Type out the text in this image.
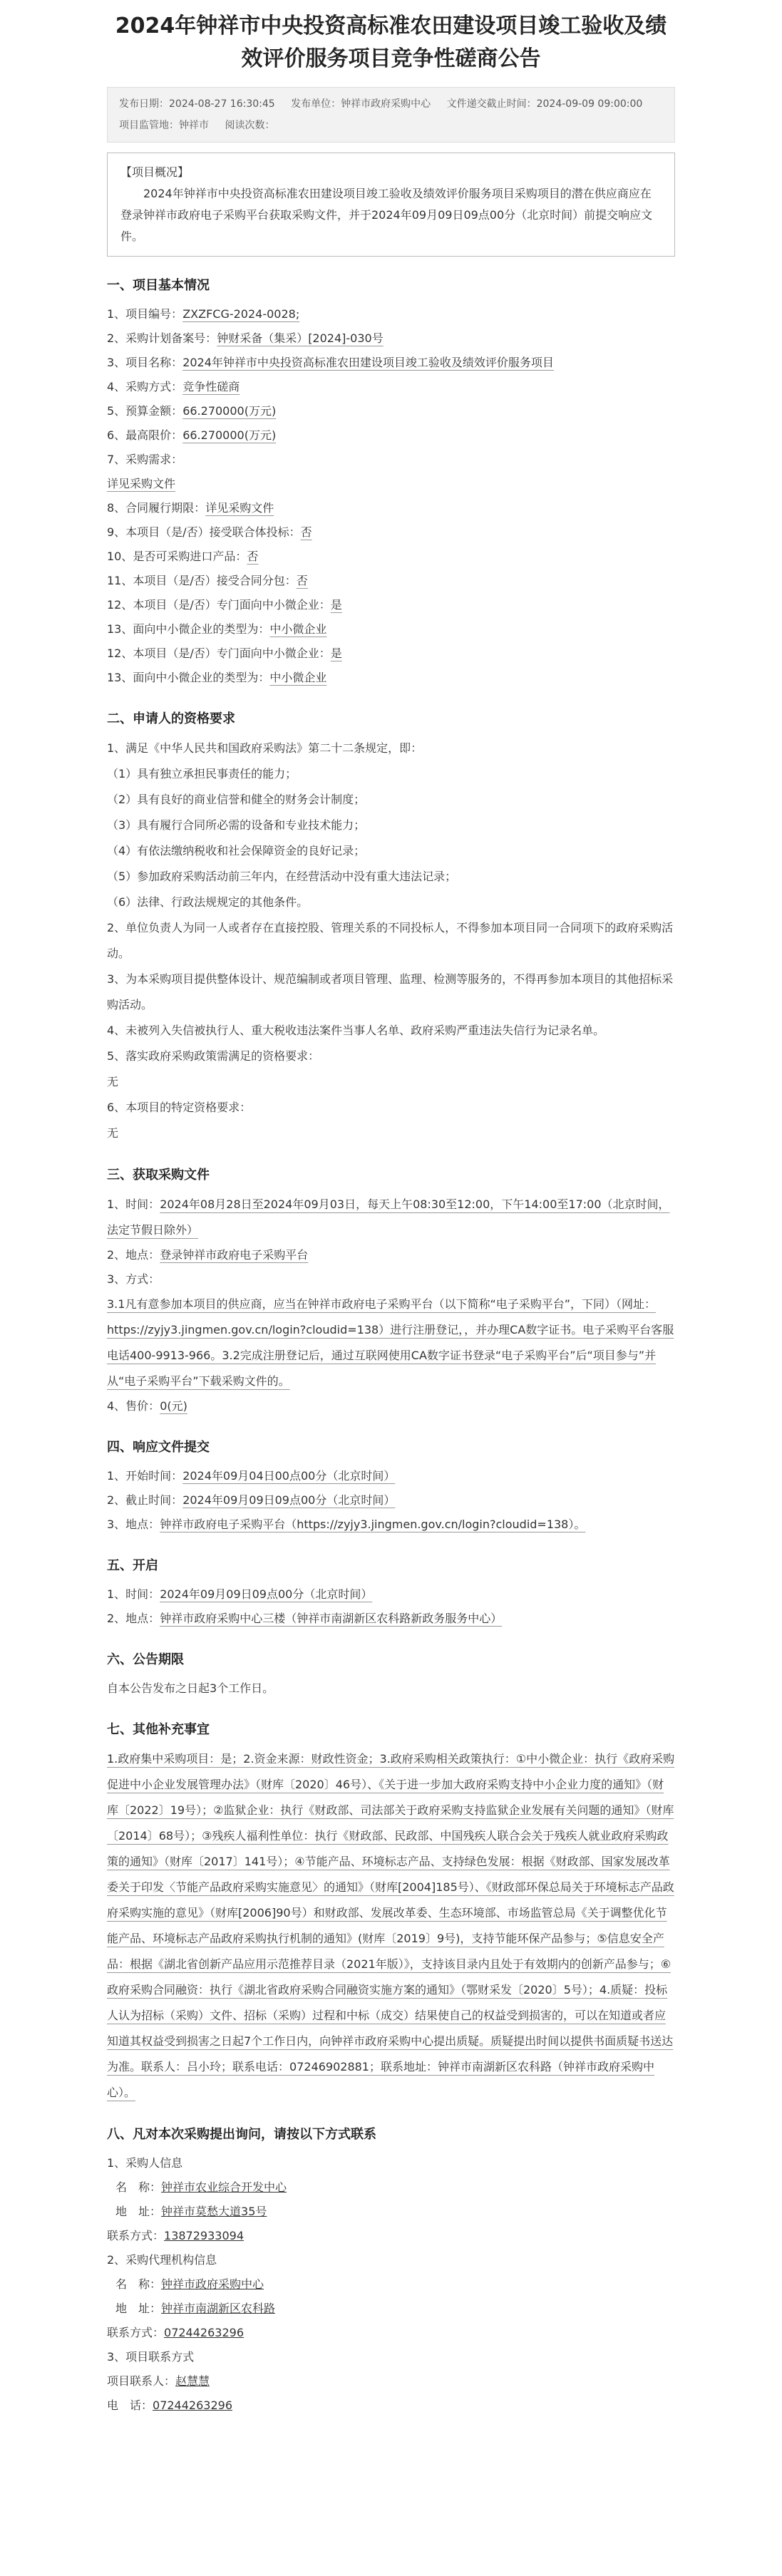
2024年钟祥市中央投资高标准农田建设项目竣工验收及绩效评价服务项目竞争性磋商公告
发布日期：2024-08-27 16:30:45 发布单位：钟祥市政府采购中心 文件递交截止时间：2024-09-09 09:00:00 项目监管地：钟祥市 阅读次数：
【项目概况】

2024年钟祥市中央投资高标准农田建设项目竣工验收及绩效评价服务项目采购项目的潜在供应商应在登录钟祥市政府电子采购平台获取采购文件，并于2024年09月09日09点00分（北京时间）前提交响应文件。

一、项目基本情况
1、项目编号：ZXZFCG-2024-0028;
2、采购计划备案号：钟财采备（集采）[2024]-030号
3、项目名称：2024年钟祥市中央投资高标准农田建设项目竣工验收及绩效评价服务项目
4、采购方式：竞争性磋商
5、预算金额：66.270000(万元)
6、最高限价：66.270000(万元)
7、采购需求：
详见采购文件
8、合同履行期限：详见采购文件
9、本项目（是/否）接受联合体投标：否
10、是否可采购进口产品：否
11、本项目（是/否）接受合同分包：否
12、本项目（是/否）专门面向中小微企业：是
13、面向中小微企业的类型为：中小微企业
12、本项目（是/否）专门面向中小微企业：是
13、面向中小微企业的类型为：中小微企业
二、申请人的资格要求
1、满足《中华人民共和国政府采购法》第二十二条规定，即：
（1）具有独立承担民事责任的能力；
（2）具有良好的商业信誉和健全的财务会计制度；
（3）具有履行合同所必需的设备和专业技术能力；
（4）有依法缴纳税收和社会保障资金的良好记录；
（5）参加政府采购活动前三年内，在经营活动中没有重大违法记录；
（6）法律、行政法规规定的其他条件。
2、单位负责人为同一人或者存在直接控股、管理关系的不同投标人，不得参加本项目同一合同项下的政府采购活动。
3、为本采购项目提供整体设计、规范编制或者项目管理、监理、检测等服务的，不得再参加本项目的其他招标采购活动。
4、未被列入失信被执行人、重大税收违法案件当事人名单、政府采购严重违法失信行为记录名单。
5、落实政府采购政策需满足的资格要求：
无
6、本项目的特定资格要求：
无
三、获取采购文件
1、时间：2024年08月28日至2024年09月03日，每天上午08:30至12:00，下午14:00至17:00（北京时间，法定节假日除外）
2、地点：登录钟祥市政府电子采购平台
3、方式：
3.1凡有意参加本项目的供应商，应当在钟祥市政府电子采购平台（以下简称“电子采购平台”，下同）（网址：https://zyjy3.jingmen.gov.cn/login?cloudid=138）进行注册登记，，并办理CA数字证书。电子采购平台客服电话400-9913-966。3.2完成注册登记后，通过互联网使用CA数字证书登录“电子采购平台”后“项目参与”并从“电子采购平台”下载采购文件的。
4、售价：0(元)
四、响应文件提交
1、开始时间：2024年09月04日00点00分（北京时间）
2、截止时间：2024年09月09日09点00分（北京时间）
3、地点：钟祥市政府电子采购平台（https://zyjy3.jingmen.gov.cn/login?cloudid=138）。
五、开启
1、时间：2024年09月09日09点00分（北京时间）
2、地点：钟祥市政府采购中心三楼（钟祥市南湖新区农科路新政务服务中心）
六、公告期限
自本公告发布之日起3个工作日。
七、其他补充事宜
1.政府集中采购项目：是；2.资金来源：财政性资金；3.政府采购相关政策执行：①中小微企业：执行《政府采购促进中小企业发展管理办法》（财库〔2020〕46号）、《关于进一步加大政府采购支持中小企业力度的通知》（财库〔2022〕19号）；②监狱企业：执行《财政部、司法部关于政府采购支持监狱企业发展有关问题的通知》（财库〔2014〕68号）；③残疾人福利性单位：执行《财政部、民政部、中国残疾人联合会关于残疾人就业政府采购政策的通知》（财库〔2017〕141号）；④节能产品、环境标志产品、支持绿色发展：根据《财政部、国家发展改革委关于印发〈节能产品政府采购实施意见〉的通知》（财库[2004]185号）、《财政部环保总局关于环境标志产品政府采购实施的意见》（财库[2006]90号）和财政部、发展改革委、生态环境部、市场监管总局《关于调整优化节能产品、环境标志产品政府采购执行机制的通知》(财库〔2019〕9号)，支持节能环保产品参与；⑤信息安全产品：根据《湖北省创新产品应用示范推荐目录（2021年版）》，支持该目录内且处于有效期内的创新产品参与；⑥政府采购合同融资：执行《湖北省政府采购合同融资实施方案的通知》（鄂财采发〔2020〕5号）；4.质疑：投标人认为招标（采购）文件、招标（采购）过程和中标（成交）结果使自己的权益受到损害的，可以在知道或者应知道其权益受到损害之日起7个工作日内，向钟祥市政府采购中心提出质疑。质疑提出时间以提供书面质疑书送达为准。联系人：吕小玲；联系电话：07246902881；联系地址：钟祥市南湖新区农科路（钟祥市政府采购中心）。
八、凡对本次采购提出询问，请按以下方式联系
1、采购人信息
名　称：钟祥市农业综合开发中心
地　址：钟祥市莫愁大道35号
联系方式：13872933094
2、采购代理机构信息
名　称：钟祥市政府采购中心
地　址：钟祥市南湖新区农科路
联系方式：07244263296
3、项目联系方式
项目联系人：赵慧慧
电　话：07244263296
